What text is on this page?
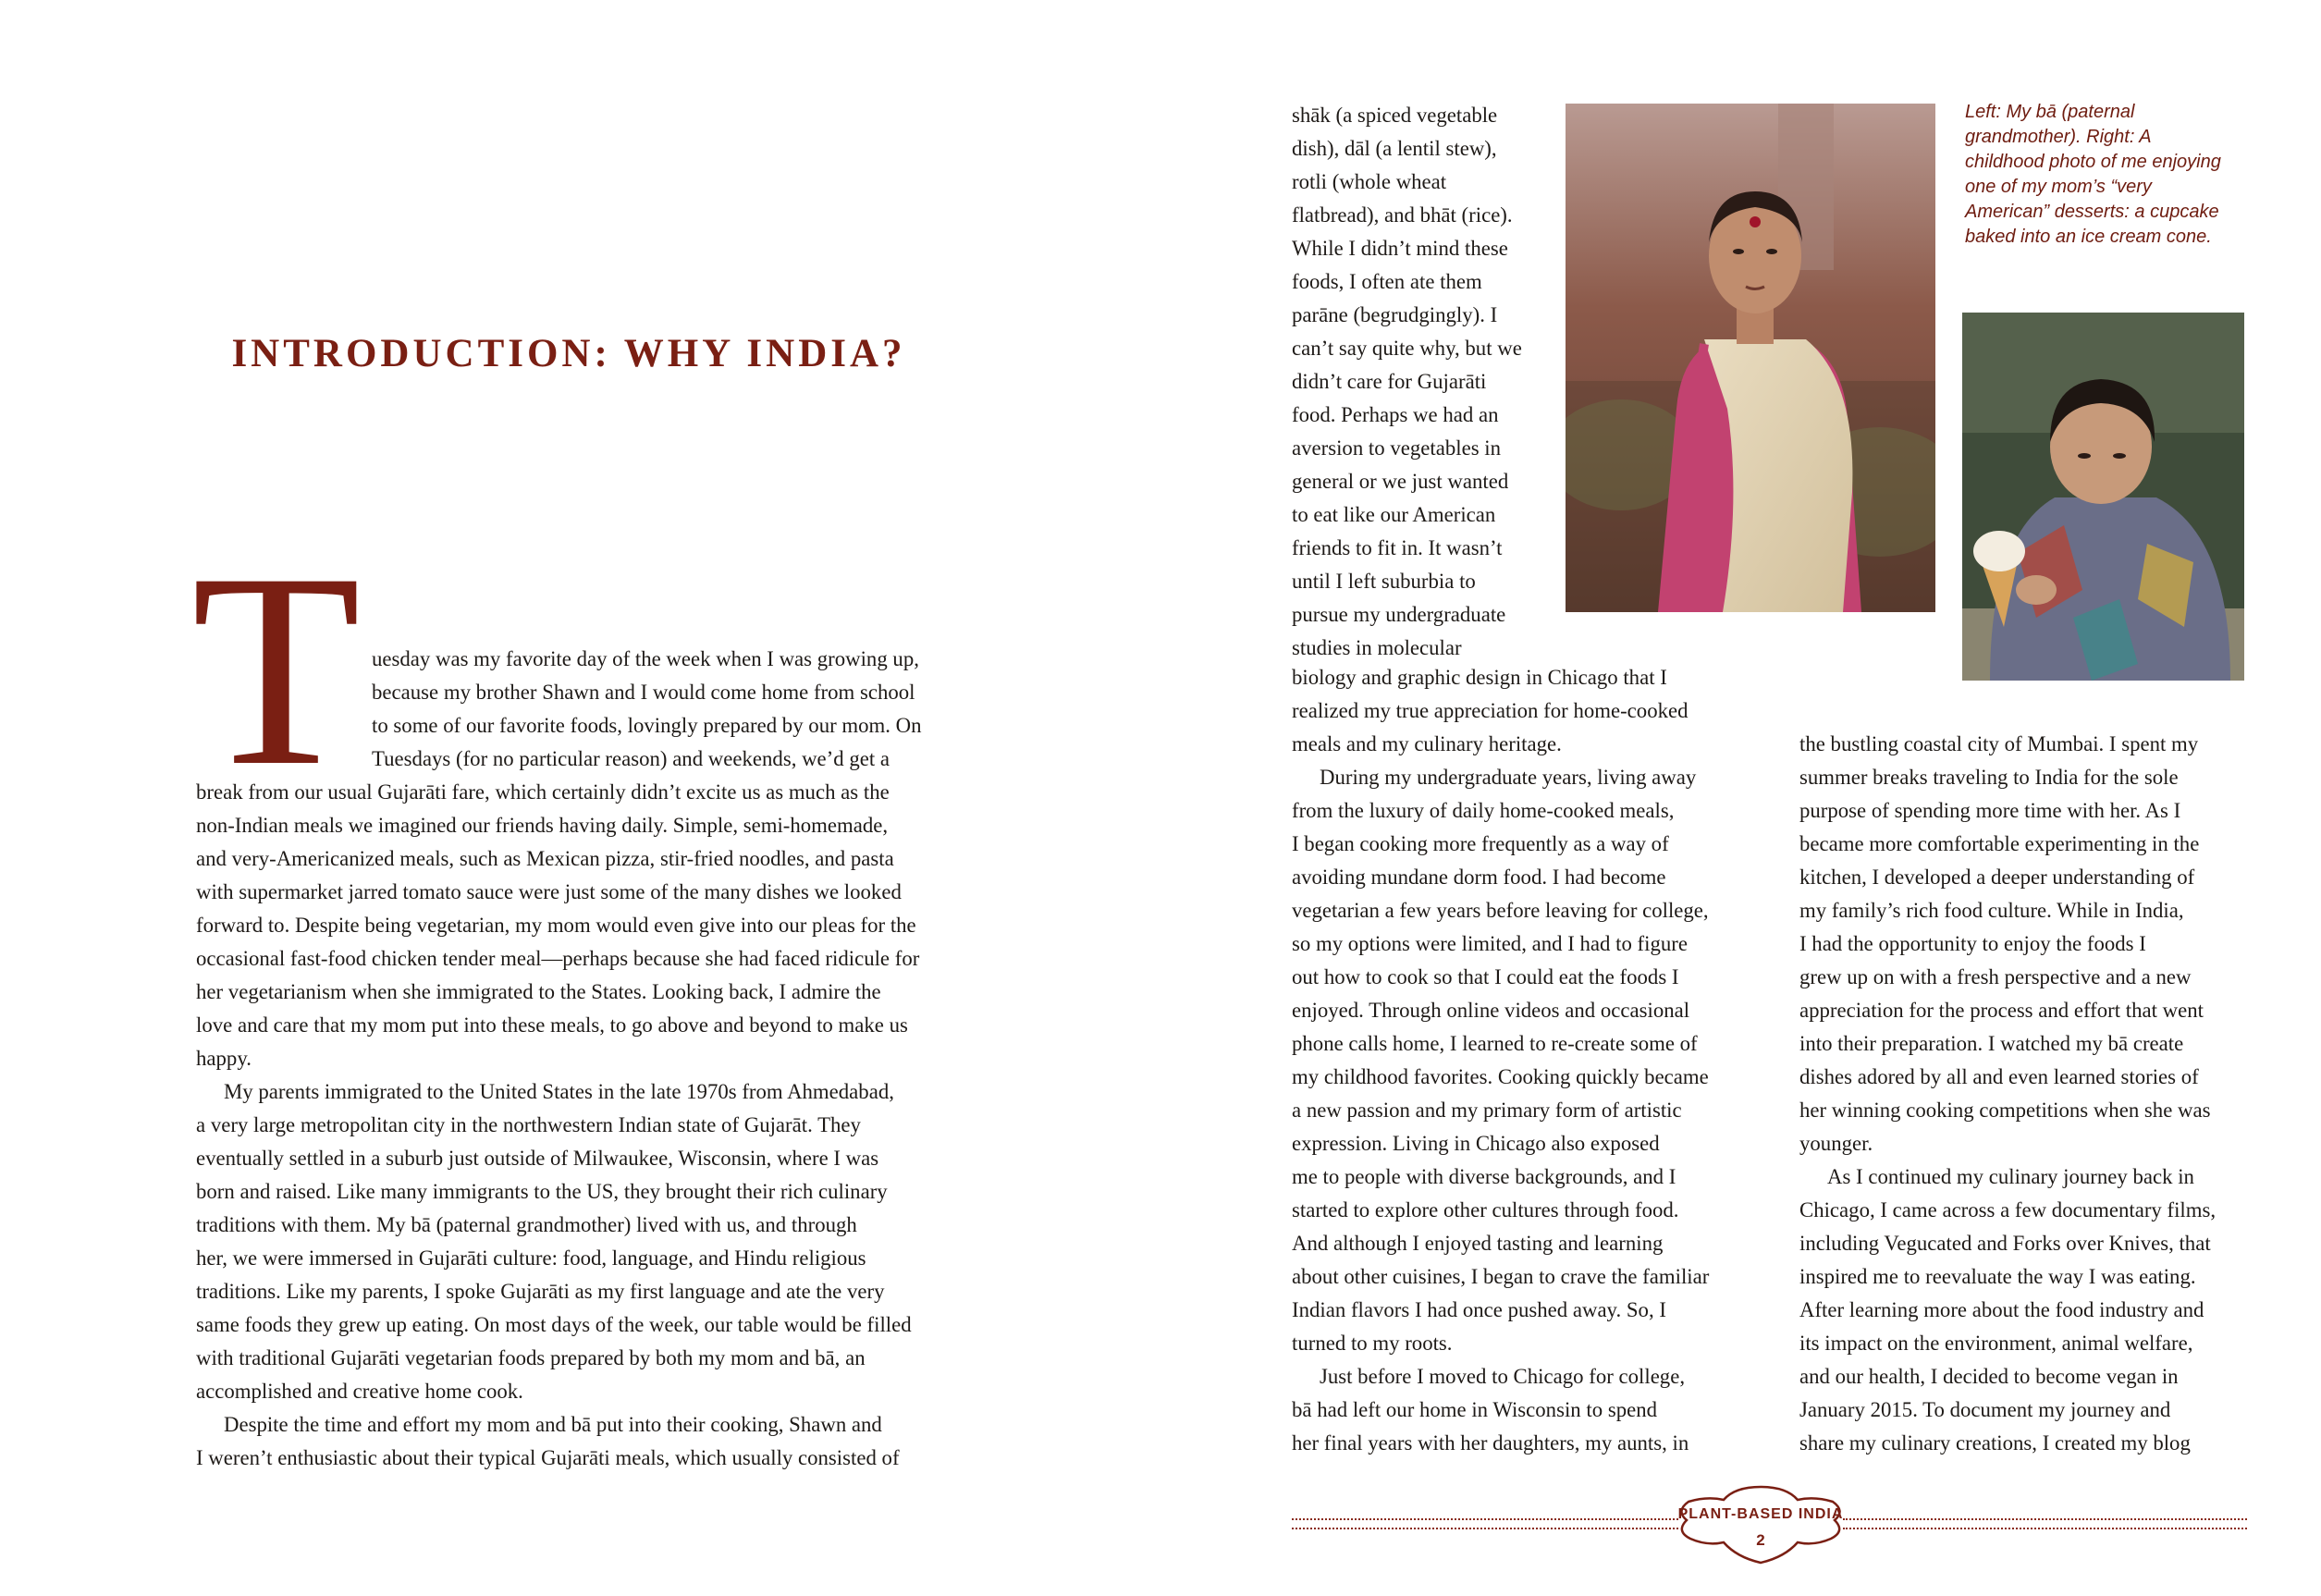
INTRODUCTION: WHY INDIA?
T uesday was my favorite day of the week when I was growing up,
because my brother Shawn and I would come home from school
to some of our favorite foods, lovingly prepared by our mom. On
Tuesdays (for no particular reason) and weekends, we’d get a
break from our usual Gujarāti fare, which certainly didn’t excite us as much as the
non-Indian meals we imagined our friends having daily. Simple, semi-homemade,
and very-Americanized meals, such as Mexican pizza, stir-fried noodles, and pasta
with supermarket jarred tomato sauce were just some of the many dishes we looked
forward to. Despite being vegetarian, my mom would even give into our pleas for the
occasional fast-food chicken tender meal—perhaps because she had faced ridicule for
her vegetarianism when she immigrated to the States. Looking back, I admire the
love and care that my mom put into these meals, to go above and beyond to make us
happy.
My parents immigrated to the United States in the late 1970s from Ahmedabad,
a very large metropolitan city in the northwestern Indian state of Gujarāt. They
eventually settled in a suburb just outside of Milwaukee, Wisconsin, where I was
born and raised. Like many immigrants to the US, they brought their rich culinary
traditions with them. My bā (paternal grandmother) lived with us, and through
her, we were immersed in Gujarāti culture: food, language, and Hindu religious
traditions. Like my parents, I spoke Gujarāti as my first language and ate the very
same foods they grew up eating. On most days of the week, our table would be filled
with traditional Gujarāti vegetarian foods prepared by both my mom and bā, an
accomplished and creative home cook.
Despite the time and effort my mom and bā put into their cooking, Shawn and
I weren’t enthusiastic about their typical Gujarāti meals, which usually consisted of
shāk (a spiced vegetable
dish), dāl (a lentil stew),
rotli (whole wheat
flatbread), and bhāt (rice).
While I didn’t mind these
foods, I often ate them
parāne (begrudgingly). I
can’t say quite why, but we
didn’t care for Gujarāti
food. Perhaps we had an
aversion to vegetables in
general or we just wanted
to eat like our American
friends to fit in. It wasn’t
until I left suburbia to
pursue my undergraduate
studies in molecular
biology and graphic design in Chicago that I
realized my true appreciation for home-cooked
meals and my culinary heritage.
During my undergraduate years, living away
from the luxury of daily home-cooked meals,
I began cooking more frequently as a way of
avoiding mundane dorm food. I had become
vegetarian a few years before leaving for college,
so my options were limited, and I had to figure
out how to cook so that I could eat the foods I
enjoyed. Through online videos and occasional
phone calls home, I learned to re-create some of
my childhood favorites. Cooking quickly became
a new passion and my primary form of artistic
expression. Living in Chicago also exposed
me to people with diverse backgrounds, and I
started to explore other cultures through food.
And although I enjoyed tasting and learning
about other cuisines, I began to crave the familiar
Indian flavors I had once pushed away. So, I
turned to my roots.
Just before I moved to Chicago for college,
bā had left our home in Wisconsin to spend
her final years with her daughters, my aunts, in
the bustling coastal city of Mumbai. I spent my
summer breaks traveling to India for the sole
purpose of spending more time with her. As I
became more comfortable experimenting in the
kitchen, I developed a deeper understanding of
my family’s rich food culture. While in India,
I had the opportunity to enjoy the foods I
grew up on with a fresh perspective and a new
appreciation for the process and effort that went
into their preparation. I watched my bā create
dishes adored by all and even learned stories of
her winning cooking competitions when she was
younger.
As I continued my culinary journey back in
Chicago, I came across a few documentary films,
including Vegucated and Forks over Knives, that
inspired me to reevaluate the way I was eating.
After learning more about the food industry and
its impact on the environment, animal welfare,
and our health, I decided to become vegan in
January 2015. To document my journey and
share my culinary creations, I created my blog
Left: My bā (paternal
grandmother). Right: A
childhood photo of me enjoying
one of my mom’s “very
American” desserts: a cupcake
baked into an ice cream cone.
PLANT-BASED INDIA
2
